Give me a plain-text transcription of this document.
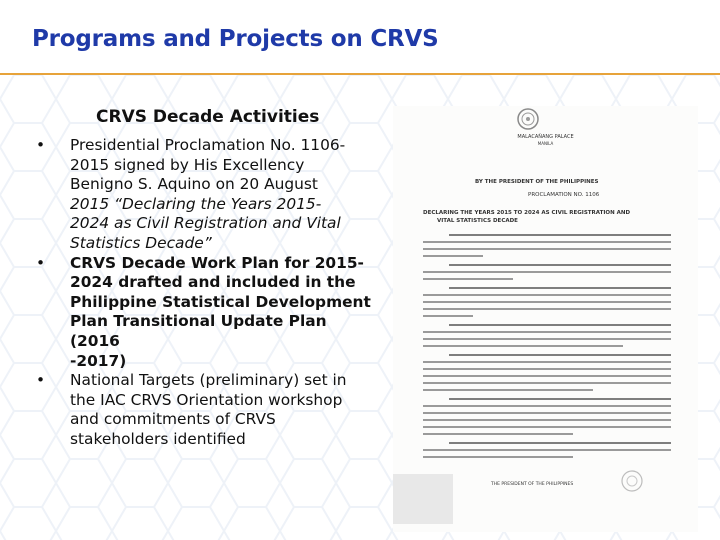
Programs and Projects on CRVS
CRVS Decade Activities
•	Presidential Proclamation No. 1106-
2015 signed by His Excellency
Benigno S. Aquino on 20 August
2015 “Declaring the Years 2015-
2024 as Civil Registration and Vital
Statistics Decade”
•	CRVS Decade Work Plan for 2015-
2024 drafted and included in the
Philippine Statistical Development
Plan Transitional Update Plan (2016
-2017)
•	National Targets (preliminary) set in
the IAC CRVS Orientation workshop
and commitments of CRVS
stakeholders identified
MALACAÑANG PALACE
MANILA
BY THE PRESIDENT OF THE PHILIPPINES
PROCLAMATION NO. 1106
DECLARING THE YEARS 2015 TO 2024 AS CIVIL REGISTRATION AND
VITAL STATISTICS DECADE
THE PRESIDENT OF THE PHILIPPINES
